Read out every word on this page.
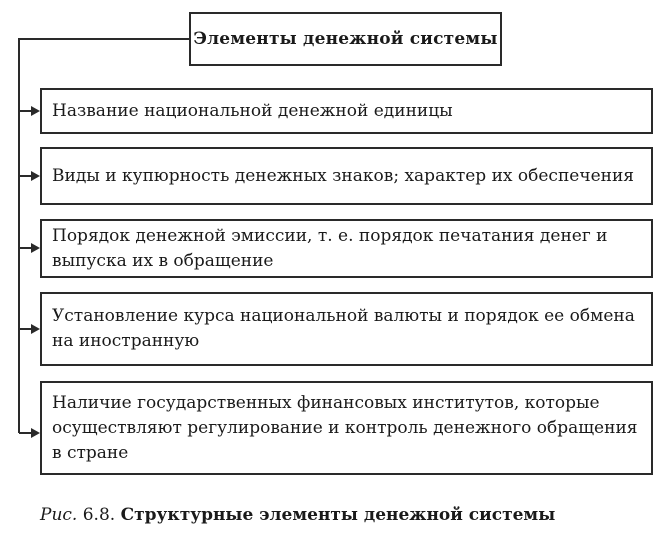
Элементы денежной системы
Название национальной денежной единицы
Виды и купюрность денежных знаков; характер их обеспечения
Порядок денежной эмиссии, т. е. порядок печатания денег и выпуска их в обращение
Установление курса национальной валюты и порядок ее обмена на иностранную
Наличие государственных финансовых институтов, которые осуществляют регулирование и контроль денежного обращения в стране
Рис. 6.8. Структурные элементы денежной системы
